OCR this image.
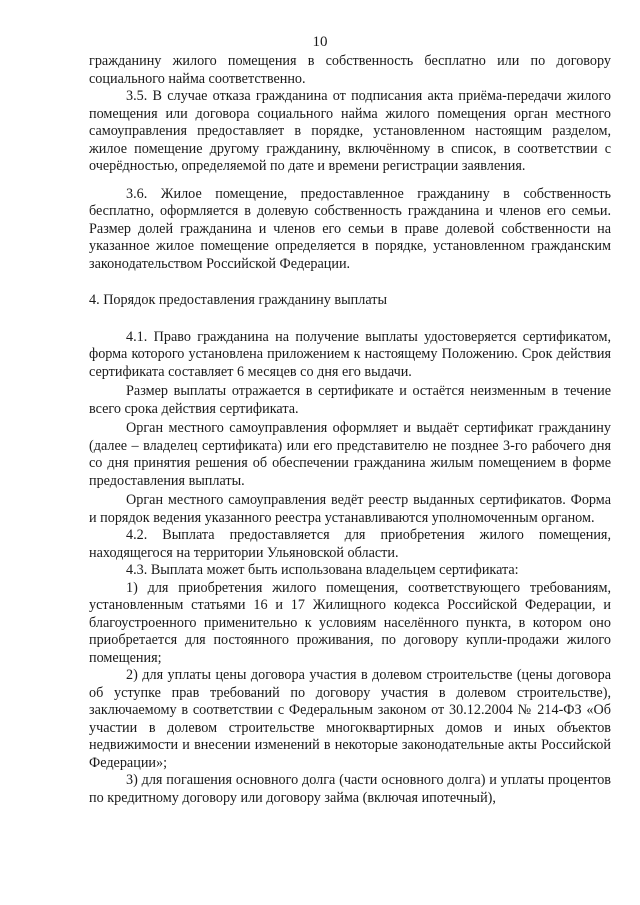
10

гражданину жилого помещения в собственность бесплатно или по договору социального найма соответственно.

3.5. В случае отказа гражданина от подписания акта приёма-передачи жилого помещения или договора социального найма жилого помещения орган местного самоуправления предоставляет в порядке, установленном настоящим разделом, жилое помещение другому гражданину, включённому в список, в соответствии с очерёдностью, определяемой по дате и времени регистрации заявления.

3.6. Жилое помещение, предоставленное гражданину в собственность бесплатно, оформляется в долевую собственность гражданина и членов его семьи. Размер долей гражданина и членов его семьи в праве долевой собственности на указанное жилое помещение определяется в порядке, установленном гражданским законодательством Российской Федерации.

4. Порядок предоставления гражданину выплаты

4.1. Право гражданина на получение выплаты удостоверяется сертификатом, форма которого установлена приложением к настоящему Положению. Срок действия сертификата составляет 6 месяцев со дня его выдачи.

Размер выплаты отражается в сертификате и остаётся неизменным в течение всего срока действия сертификата.

Орган местного самоуправления оформляет и выдаёт сертификат гражданину (далее – владелец сертификата) или его представителю не позднее 3-го рабочего дня со дня принятия решения об обеспечении гражданина жилым помещением в форме предоставления выплаты.

Орган местного самоуправления ведёт реестр выданных сертификатов. Форма и порядок ведения указанного реестра устанавливаются уполномоченным органом.

4.2. Выплата предоставляется для приобретения жилого помещения, находящегося на территории Ульяновской области.

4.3. Выплата может быть использована владельцем сертификата:

1) для приобретения жилого помещения, соответствующего требованиям, установленным статьями 16 и 17 Жилищного кодекса Российской Федерации, и благоустроенного применительно к условиям населённого пункта, в котором оно приобретается для постоянного проживания, по договору купли-продажи жилого помещения;

2) для уплаты цены договора участия в долевом строительстве (цены договора об уступке прав требований по договору участия в долевом строительстве), заключаемому в соответствии с Федеральным законом от 30.12.2004 № 214-ФЗ «Об участии в долевом строительстве многоквартирных домов и иных объектов недвижимости и внесении изменений в некоторые законодательные акты Российской Федерации»;

3) для погашения основного долга (части основного долга) и уплаты процентов по кредитному договору или договору займа (включая ипотечный),
